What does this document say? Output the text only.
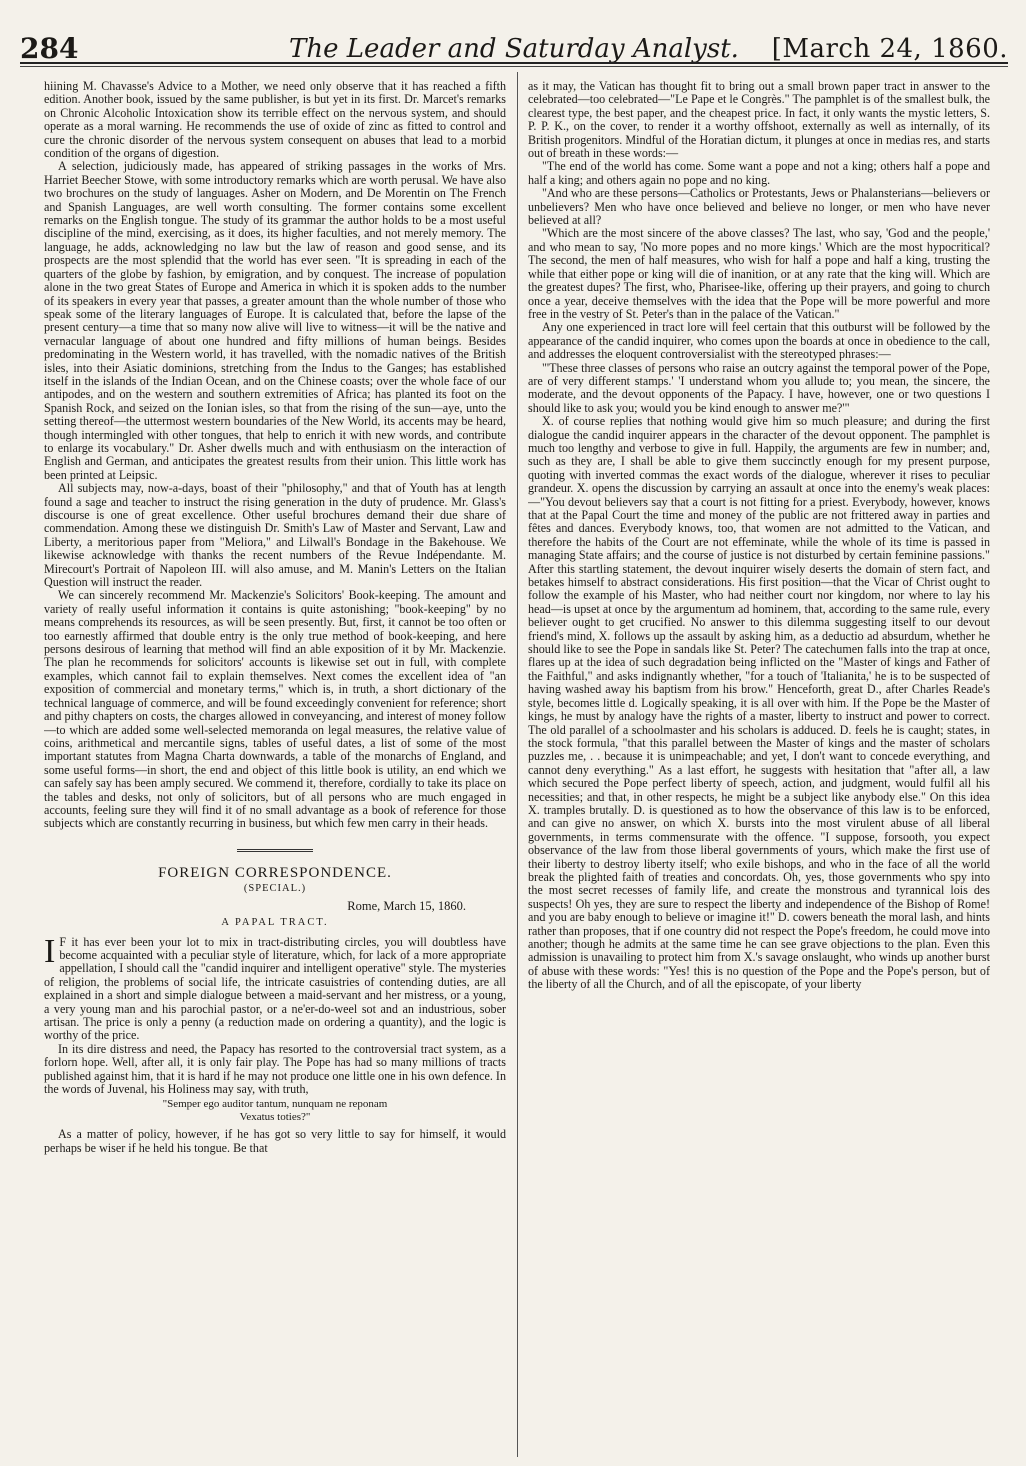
284	The Leader and Saturday Analyst.	[March 24, 1860.

hiining M. Chavasse's Advice to a Mother, we need only observe that it has reached a fifth edition. Another book, issued by the same publisher, is but yet in its first. Dr. Marcet's remarks on Chronic Alcoholic Intoxication show its terrible effect on the nervous system, and should operate as a moral warning. He recommends the use of oxide of zinc as fitted to control and cure the chronic disorder of the nervous system consequent on abuses that lead to a morbid condition of the organs of digestion.

A selection, judiciously made, has appeared of striking passages in the works of Mrs. Harriet Beecher Stowe, with some introductory remarks which are worth perusal. We have also two brochures on the study of languages. Asher on Modern, and De Morentin on The French and Spanish Languages, are well worth consulting. The former contains some excellent remarks on the English tongue. The study of its grammar the author holds to be a most useful discipline of the mind, exercising, as it does, its higher faculties, and not merely memory. The language, he adds, acknowledging no law but the law of reason and good sense, and its prospects are the most splendid that the world has ever seen. "It is spreading in each of the quarters of the globe by fashion, by emigration, and by conquest. The increase of population alone in the two great States of Europe and America in which it is spoken adds to the number of its speakers in every year that passes, a greater amount than the whole number of those who speak some of the literary languages of Europe. It is calculated that, before the lapse of the present century—a time that so many now alive will live to witness—it will be the native and vernacular language of about one hundred and fifty millions of human beings. Besides predominating in the Western world, it has travelled, with the nomadic natives of the British isles, into their Asiatic dominions, stretching from the Indus to the Ganges; has established itself in the islands of the Indian Ocean, and on the Chinese coasts; over the whole face of our antipodes, and on the western and southern extremities of Africa; has planted its foot on the Spanish Rock, and seized on the Ionian isles, so that from the rising of the sun—aye, unto the setting thereof—the uttermost western boundaries of the New World, its accents may be heard, though intermingled with other tongues, that help to enrich it with new words, and contribute to enlarge its vocabulary." Dr. Asher dwells much and with enthusiasm on the interaction of English and German, and anticipates the greatest results from their union. This little work has been printed at Leipsic.

All subjects may, now-a-days, boast of their "philosophy," and that of Youth has at length found a sage and teacher to instruct the rising generation in the duty of prudence. Mr. Glass's discourse is one of great excellence. Other useful brochures demand their due share of commendation. Among these we distinguish Dr. Smith's Law of Master and Servant, Law and Liberty, a meritorious paper from "Meliora," and Lilwall's Bondage in the Bakehouse. We likewise acknowledge with thanks the recent numbers of the Revue Indépendante. M. Mirecourt's Portrait of Napoleon III. will also amuse, and M. Manin's Letters on the Italian Question will instruct the reader.

We can sincerely recommend Mr. Mackenzie's Solicitors' Book-keeping. The amount and variety of really useful information it contains is quite astonishing; "book-keeping" by no means comprehends its resources, as will be seen presently. But, first, it cannot be too often or too earnestly affirmed that double entry is the only true method of book-keeping, and here persons desirous of learning that method will find an able exposition of it by Mr. Mackenzie. The plan he recommends for solicitors' accounts is likewise set out in full, with complete examples, which cannot fail to explain themselves. Next comes the excellent idea of "an exposition of commercial and monetary terms," which is, in truth, a short dictionary of the technical language of commerce, and will be found exceedingly convenient for reference; short and pithy chapters on costs, the charges allowed in conveyancing, and interest of money follow—to which are added some well-selected memoranda on legal measures, the relative value of coins, arithmetical and mercantile signs, tables of useful dates, a list of some of the most important statutes from Magna Charta downwards, a table of the monarchs of England, and some useful forms—in short, the end and object of this little book is utility, an end which we can safely say has been amply secured. We commend it, therefore, cordially to take its place on the tables and desks, not only of solicitors, but of all persons who are much engaged in accounts, feeling sure they will find it of no small advantage as a book of reference for those subjects which are constantly recurring in business, but which few men carry in their heads.

FOREIGN CORRESPONDENCE.
(SPECIAL.)
Rome, March 15, 1860.
A PAPAL TRACT.

I F it has ever been your lot to mix in tract-distributing circles, you will doubtless have become acquainted with a peculiar style of literature, which, for lack of a more appropriate appellation, I should call the "candid inquirer and intelligent operative" style. The mysteries of religion, the problems of social life, the intricate casuistries of contending duties, are all explained in a short and simple dialogue between a maid-servant and her mistress, or a young, a very young man and his parochial pastor, or a ne'er-do-weel sot and an industrious, sober artisan. The price is only a penny (a reduction made on ordering a quantity), and the logic is worthy of the price.

In its dire distress and need, the Papacy has resorted to the controversial tract system, as a forlorn hope. Well, after all, it is only fair play. The Pope has had so many millions of tracts published against him, that it is hard if he may not produce one little one in his own defence. In the words of Juvenal, his Holiness may say, with truth,

"Semper ego auditor tantum, nunquam ne reponam
Vexatus toties?"

As a matter of policy, however, if he has got so very little to say for himself, it would perhaps be wiser if he held his tongue. Be that

as it may, the Vatican has thought fit to bring out a small brown paper tract in answer to the celebrated—too celebrated—"Le Pape et le Congrès." The pamphlet is of the smallest bulk, the clearest type, the best paper, and the cheapest price. In fact, it only wants the mystic letters, S. P. P. K., on the cover, to render it a worthy offshoot, externally as well as internally, of its British progenitors. Mindful of the Horatian dictum, it plunges at once in medias res, and starts out of breath in these words:—

"The end of the world has come. Some want a pope and not a king; others half a pope and half a king; and others again no pope and no king.

"And who are these persons—Catholics or Protestants, Jews or Phalansterians—believers or unbelievers? Men who have once believed and believe no longer, or men who have never believed at all?

"Which are the most sincere of the above classes? The last, who say, 'God and the people,' and who mean to say, 'No more popes and no more kings.' Which are the most hypocritical? The second, the men of half measures, who wish for half a pope and half a king, trusting the while that either pope or king will die of inanition, or at any rate that the king will. Which are the greatest dupes? The first, who, Pharisee-like, offering up their prayers, and going to church once a year, deceive themselves with the idea that the Pope will be more powerful and more free in the vestry of St. Peter's than in the palace of the Vatican."

Any one experienced in tract lore will feel certain that this outburst will be followed by the appearance of the candid inquirer, who comes upon the boards at once in obedience to the call, and addresses the eloquent controversialist with the stereotyped phrases:—

"'These three classes of persons who raise an outcry against the temporal power of the Pope, are of very different stamps.' 'I understand whom you allude to; you mean, the sincere, the moderate, and the devout opponents of the Papacy. I have, however, one or two questions I should like to ask you; would you be kind enough to answer me?'"

X. of course replies that nothing would give him so much pleasure; and during the first dialogue the candid inquirer appears in the character of the devout opponent. The pamphlet is much too lengthy and verbose to give in full. Happily, the arguments are few in number; and, such as they are, I shall be able to give them succinctly enough for my present purpose, quoting with inverted commas the exact words of the dialogue, wherever it rises to peculiar grandeur. X. opens the discussion by carrying an assault at once into the enemy's weak places:—"You devout believers say that a court is not fitting for a priest. Everybody, however, knows that at the Papal Court the time and money of the public are not frittered away in parties and fêtes and dances. Everybody knows, too, that women are not admitted to the Vatican, and therefore the habits of the Court are not effeminate, while the whole of its time is passed in managing State affairs; and the course of justice is not disturbed by certain feminine passions." After this startling statement, the devout inquirer wisely deserts the domain of stern fact, and betakes himself to abstract considerations. His first position—that the Vicar of Christ ought to follow the example of his Master, who had neither court nor kingdom, nor where to lay his head—is upset at once by the argumentum ad hominem, that, according to the same rule, every believer ought to get crucified. No answer to this dilemma suggesting itself to our devout friend's mind, X. follows up the assault by asking him, as a deductio ad absurdum, whether he should like to see the Pope in sandals like St. Peter? The catechumen falls into the trap at once, flares up at the idea of such degradation being inflicted on the "Master of kings and Father of the Faithful," and asks indignantly whether, "for a touch of 'Italianita,' he is to be suspected of having washed away his baptism from his brow." Henceforth, great D., after Charles Reade's style, becomes little d. Logically speaking, it is all over with him. If the Pope be the Master of kings, he must by analogy have the rights of a master, liberty to instruct and power to correct. The old parallel of a schoolmaster and his scholars is adduced. D. feels he is caught; states, in the stock formula, "that this parallel between the Master of kings and the master of scholars puzzles me, . . because it is unimpeachable; and yet, I don't want to concede everything, and cannot deny everything." As a last effort, he suggests with hesitation that "after all, a law which secured the Pope perfect liberty of speech, action, and judgment, would fulfil all his necessities; and that, in other respects, he might be a subject like anybody else." On this idea X. tramples brutally. D. is questioned as to how the observance of this law is to be enforced, and can give no answer, on which X. bursts into the most virulent abuse of all liberal governments, in terms commensurate with the offence. "I suppose, forsooth, you expect observance of the law from those liberal governments of yours, which make the first use of their liberty to destroy liberty itself; who exile bishops, and who in the face of all the world break the plighted faith of treaties and concordats. Oh, yes, those governments who spy into the most secret recesses of family life, and create the monstrous and tyrannical lois des suspects! Oh yes, they are sure to respect the liberty and independence of the Bishop of Rome! and you are baby enough to believe or imagine it!" D. cowers beneath the moral lash, and hints rather than proposes, that if one country did not respect the Pope's freedom, he could move into another; though he admits at the same time he can see grave objections to the plan. Even this admission is unavailing to protect him from X.'s savage onslaught, who winds up another burst of abuse with these words: "Yes! this is no question of the Pope and the Pope's person, but of the liberty of all the Church, and of all the episcopate, of your liberty
